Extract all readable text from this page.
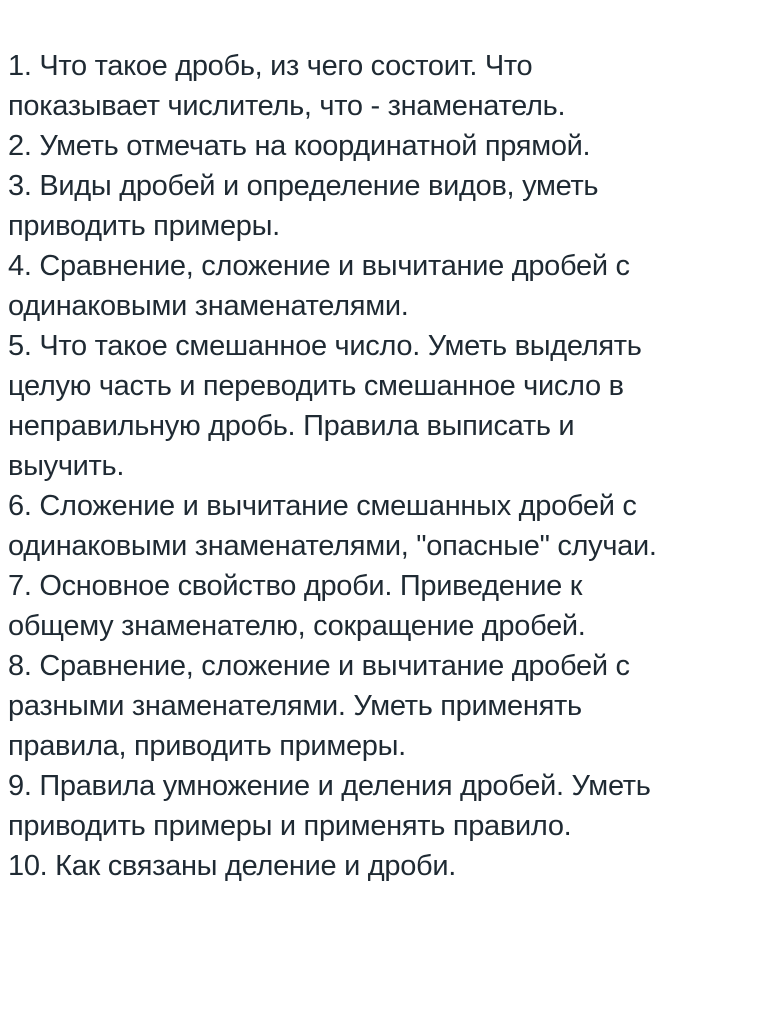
1. Что такое дробь, из чего состоит. Что
показывает числитель, что - знаменатель.
2. Уметь отмечать на координатной прямой.
3. Виды дробей и определение видов, уметь
приводить примеры.
4. Сравнение, сложение и вычитание дробей с
одинаковыми знаменателями.
5. Что такое смешанное число. Уметь выделять
целую часть и переводить смешанное число в
неправильную дробь. Правила выписать и
выучить.
6. Сложение и вычитание смешанных дробей с
одинаковыми знаменателями, "опасные" случаи.
7. Основное свойство дроби. Приведение к
общему знаменателю, сокращение дробей.
8. Сравнение, сложение и вычитание дробей с
разными знаменателями. Уметь применять
правила, приводить примеры.
9. Правила умножение и деления дробей. Уметь
приводить примеры и применять правило.
10. Как связаны деление и дроби.
